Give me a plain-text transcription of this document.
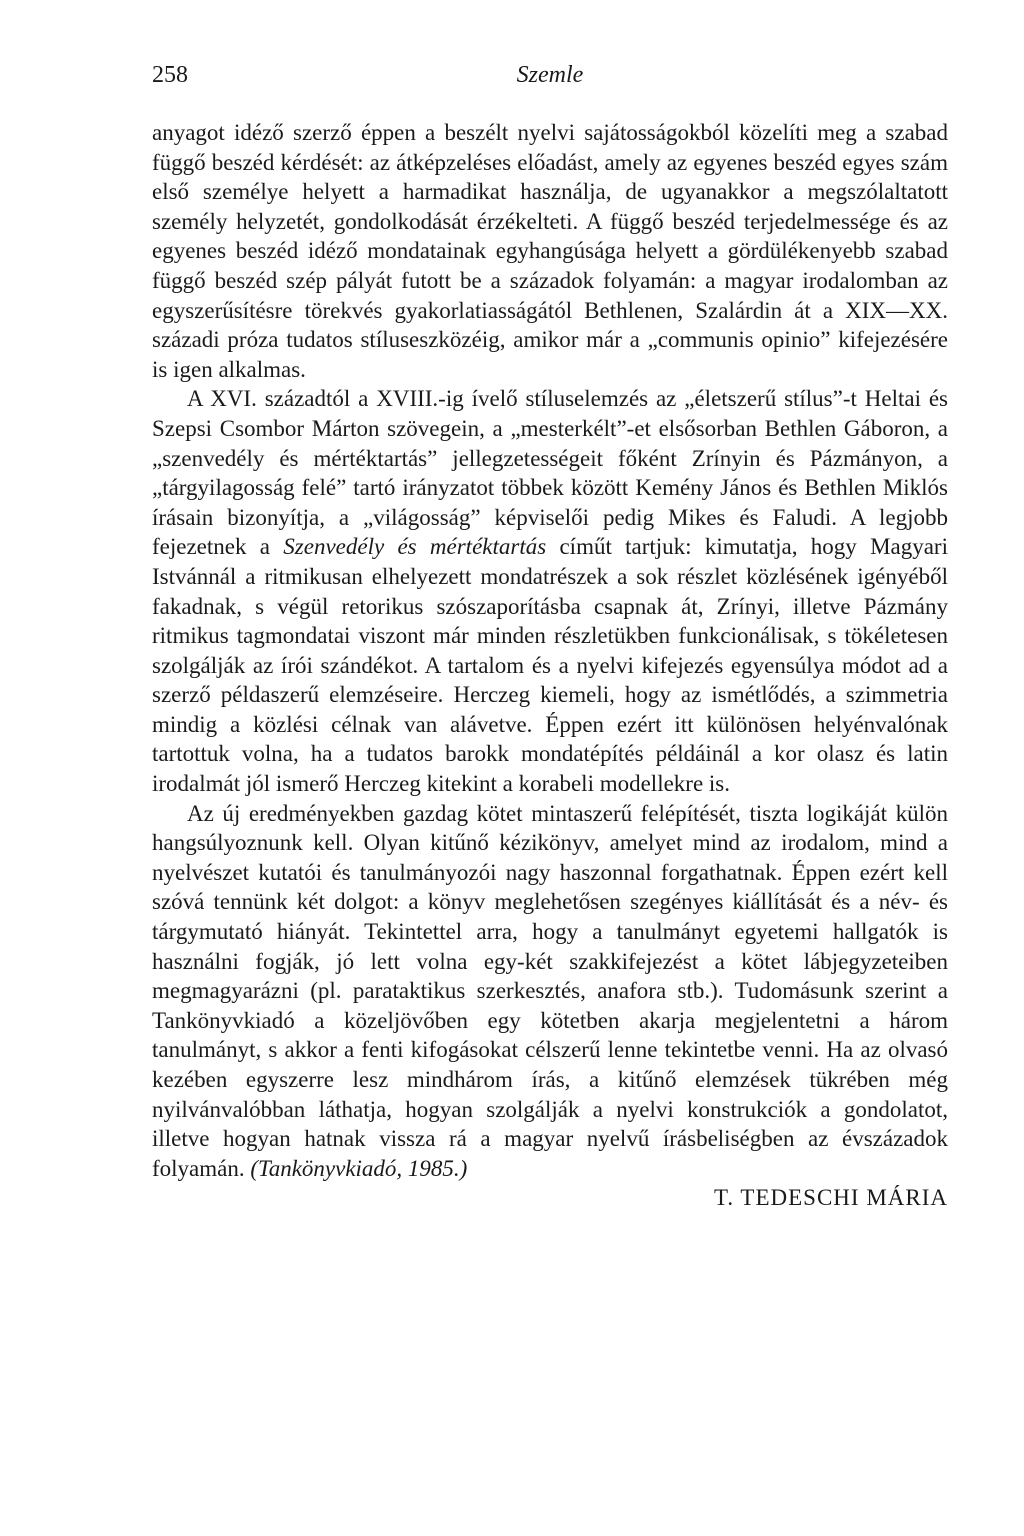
258	Szemle

anyagot idéző szerző éppen a beszélt nyelvi sajátosságokból közelíti meg a szabad függő beszéd kérdését: az átképzeléses előadást, amely az egyenes beszéd egyes szám első személye helyett a harmadikat használja, de ugyanakkor a megszólaltatott személy helyzetét, gondolkodását érzékelteti. A függő beszéd terjedelmessége és az egyenes beszéd idéző mondatainak egyhangúsága helyett a gördülékenyebb szabad függő beszéd szép pályát futott be a századok folyamán: a magyar irodalomban az egyszerűsítésre törekvés gyakorlatiasságától Bethlenen, Szalárdin át a XIX—XX. századi próza tudatos stíluseszközéig, amikor már a „communis opinio” kifejezésére is igen alkalmas.

A XVI. századtól a XVIII.-ig ívelő stíluselemzés az „életszerű stílus”-t Heltai és Szepsi Csombor Márton szövegein, a „mesterkélt”-et elsősorban Bethlen Gáboron, a „szenvedély és mértéktartás” jellegzetességeit főként Zrínyin és Pázmányon, a „tárgyilagosság felé” tartó irányzatot többek között Kemény János és Bethlen Miklós írásain bizonyítja, a „világosság” képviselői pedig Mikes és Faludi. A legjobb fejezetnek a Szenvedély és mértéktartás címűt tartjuk: kimutatja, hogy Magyari Istvánnál a ritmikusan elhelyezett mondatrészek a sok részlet közlésének igényéből fakadnak, s végül retorikus szószaporításba csapnak át, Zrínyi, illetve Pázmány ritmikus tagmondatai viszont már minden részletükben funkcionálisak, s tökéletesen szolgálják az írói szándékot. A tartalom és a nyelvi kifejezés egyensúlya módot ad a szerző példaszerű elemzéseire. Herczeg kiemeli, hogy az ismétlődés, a szimmetria mindig a közlési célnak van alávetve. Éppen ezért itt különösen helyénvalónak tartottuk volna, ha a tudatos barokk mondatépítés példáinál a kor olasz és latin irodalmát jól ismerő Herczeg kitekint a korabeli modellekre is.

Az új eredményekben gazdag kötet mintaszerű felépítését, tiszta logikáját külön hangsúlyoznunk kell. Olyan kitűnő kézikönyv, amelyet mind az irodalom, mind a nyelvészet kutatói és tanulmányozói nagy haszonnal forgathatnak. Éppen ezért kell szóvá tennünk két dolgot: a könyv meglehetősen szegényes kiállítását és a név- és tárgymutató hiányát. Tekintettel arra, hogy a tanulmányt egyetemi hallgatók is használni fogják, jó lett volna egy-két szakkifejezést a kötet lábjegyzeteiben megmagyarázni (pl. parataktikus szerkesztés, anafora stb.). Tudomásunk szerint a Tankönyvkiadó a közeljövőben egy kötetben akarja megjelentetni a három tanulmányt, s akkor a fenti kifogásokat célszerű lenne tekintetbe venni. Ha az olvasó kezében egyszerre lesz mindhárom írás, a kitűnő elemzések tükrében még nyilvánvalóbban láthatja, hogyan szolgálják a nyelvi konstrukciók a gondolatot, illetve hogyan hatnak vissza rá a magyar nyelvű írásbeliségben az évszázadok folyamán. (Tankönyvkiadó, 1985.)

T. TEDESCHI MÁRIA
